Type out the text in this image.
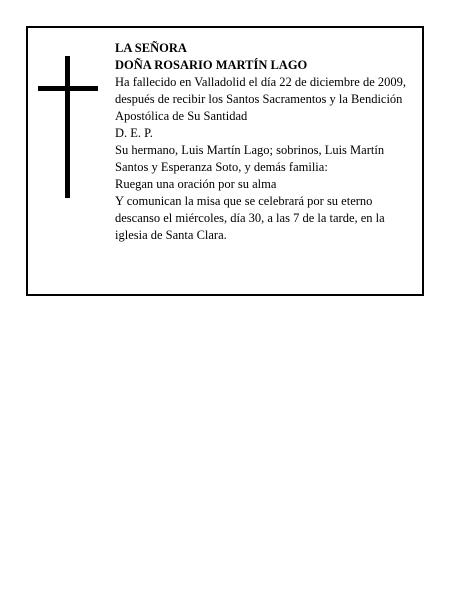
LA SEÑORA
DOÑA ROSARIO MARTÍN LAGO
Ha fallecido en Valladolid el día 22 de diciembre de 2009, después de recibir los Santos Sacramentos y la Bendición Apostólica de Su Santidad
D. E. P.
Su hermano, Luis Martín Lago; sobrinos, Luis Martín Santos y Esperanza Soto, y demás familia:
Ruegan una oración por su alma
Y comunican la misa que se celebrará por su eterno descanso el miércoles, día 30, a las 7 de la tarde, en la iglesia de Santa Clara.
